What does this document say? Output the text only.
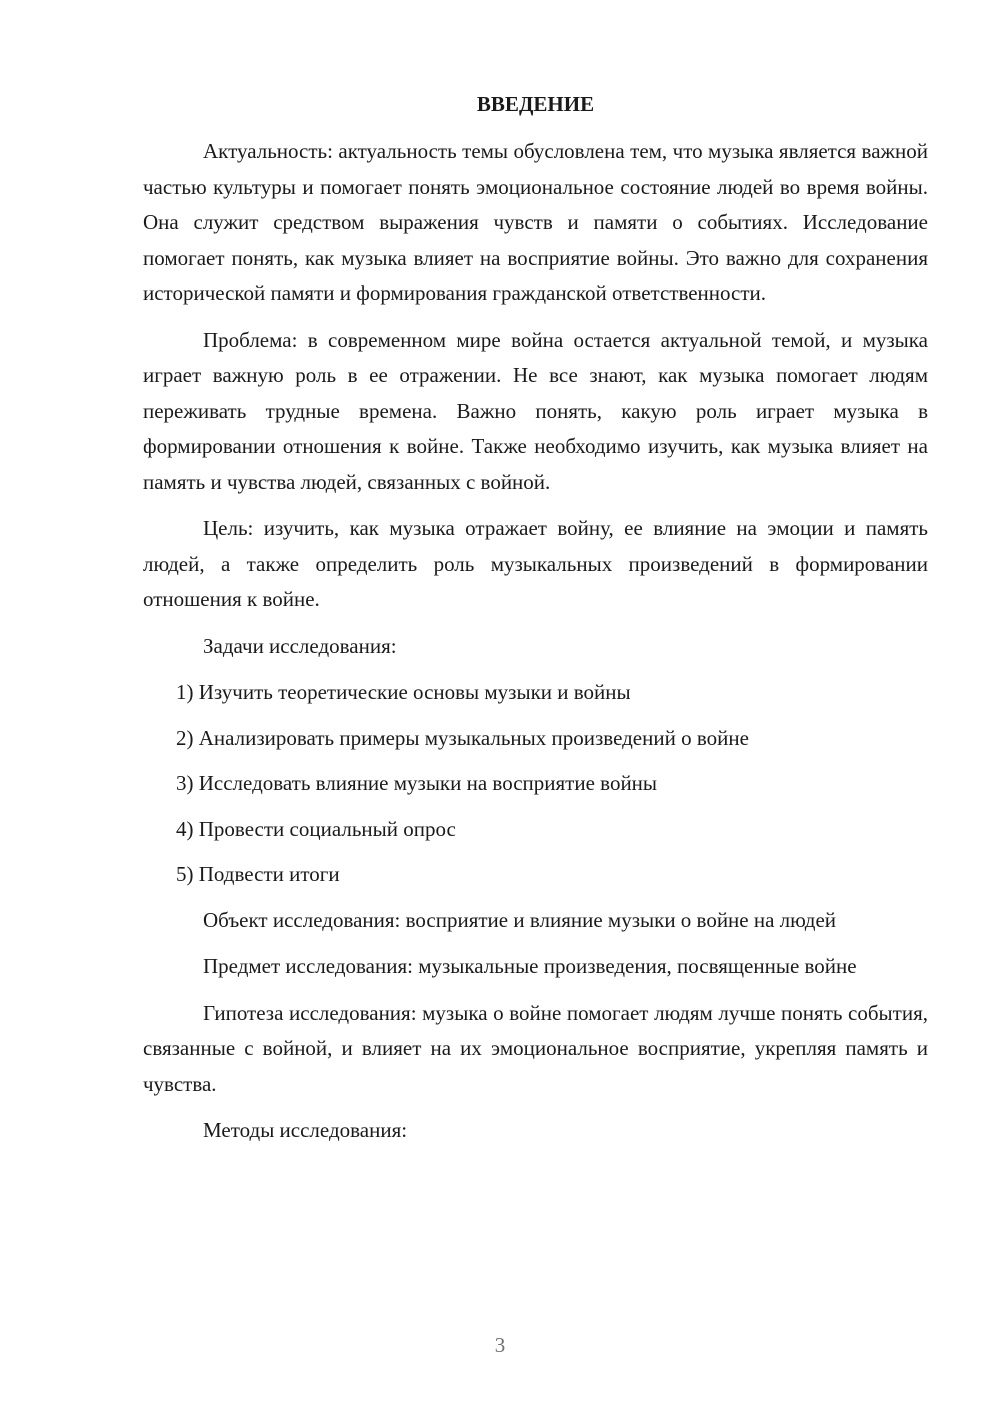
ВВЕДЕНИЕ

Актуальность: актуальность темы обусловлена тем, что музыка является важной частью культуры и помогает понять эмоциональное состояние людей во время войны. Она служит средством выражения чувств и памяти о событиях. Исследование помогает понять, как музыка влияет на восприятие войны. Это важно для сохранения исторической памяти и формирования гражданской ответственности.

Проблема: в современном мире война остается актуальной темой, и музыка играет важную роль в ее отражении. Не все знают, как музыка помогает людям переживать трудные времена. Важно понять, какую роль играет музыка в формировании отношения к войне. Также необходимо изучить, как музыка влияет на память и чувства людей, связанных с войной.

Цель: изучить, как музыка отражает войну, ее влияние на эмоции и память людей, а также определить роль музыкальных произведений в формировании отношения к войне.

Задачи исследования:

1) Изучить теоретические основы музыки и войны

2) Анализировать примеры музыкальных произведений о войне

3) Исследовать влияние музыки на восприятие войны

4) Провести социальный опрос

5) Подвести итоги

Объект исследования: восприятие и влияние музыки о войне на людей

Предмет исследования: музыкальные произведения, посвященные войне

Гипотеза исследования: музыка о войне помогает людям лучше понять события, связанные с войной, и влияет на их эмоциональное восприятие, укрепляя память и чувства.

Методы исследования:

3
